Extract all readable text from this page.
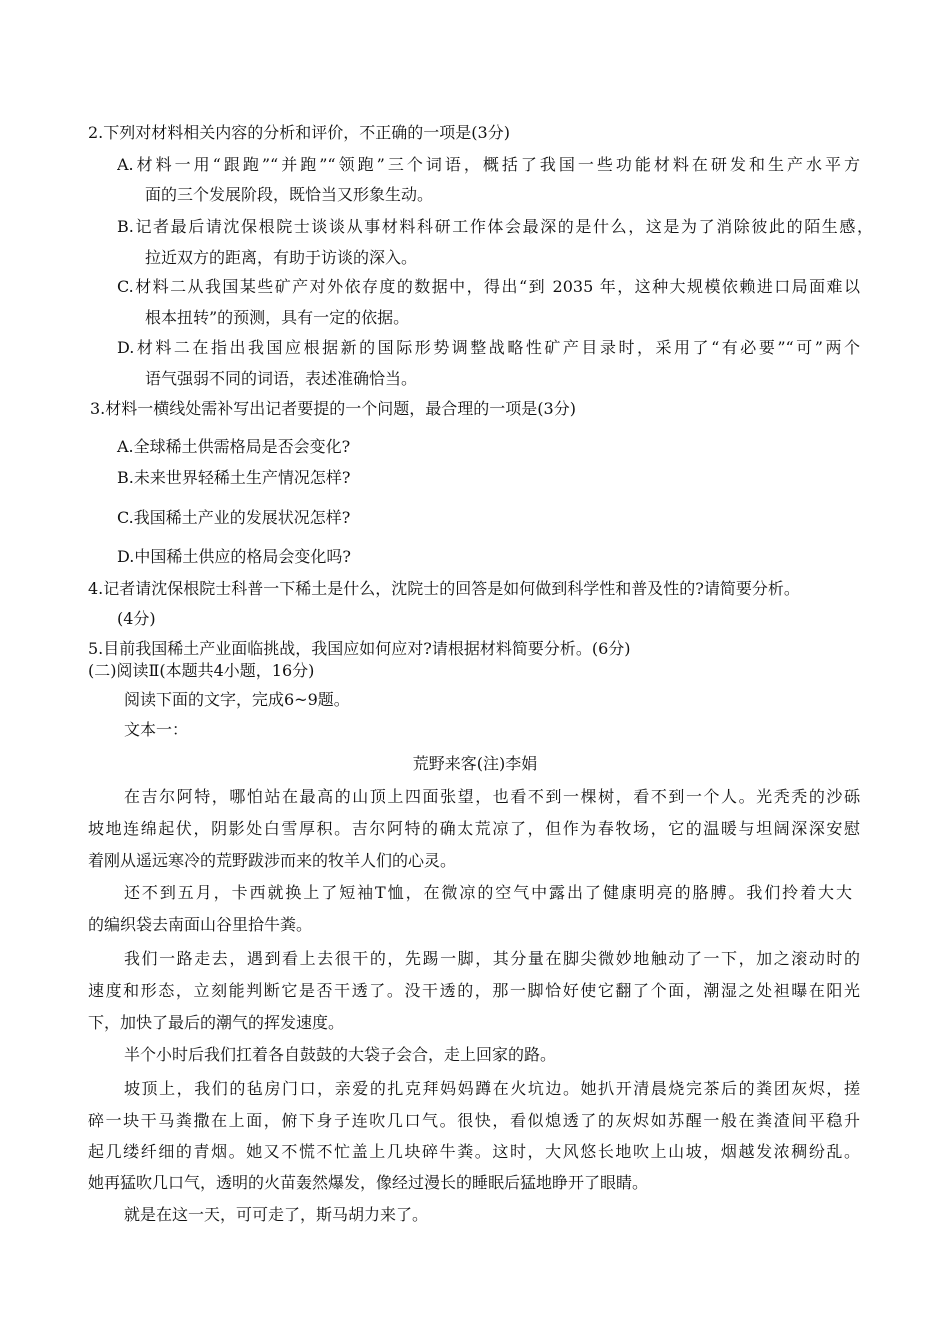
2.下列对材料相关内容的分析和评价，不正确的一项是(3分)
A.材料一用“跟跑”“并跑”“领跑”三个词语，概括了我国一些功能材料在研发和生产水平方
面的三个发展阶段，既恰当又形象生动。
B.记者最后请沈保根院士谈谈从事材料科研工作体会最深的是什么，这是为了消除彼此的陌生感，
拉近双方的距离，有助于访谈的深入。
C.材料二从我国某些矿产对外依存度的数据中，得出“到 2035 年，这种大规模依赖进口局面难以
根本扭转”的预测，具有一定的依据。
D.材料二在指出我国应根据新的国际形势调整战略性矿产目录时，采用了“有必要”“可”两个
语气强弱不同的词语，表述准确恰当。
3.材料一横线处需补写出记者要提的一个问题，最合理的一项是(3分)
A.全球稀土供需格局是否会变化?
B.未来世界轻稀土生产情况怎样?
C.我国稀土产业的发展状况怎样?
D.中国稀土供应的格局会变化吗?
4.记者请沈保根院士科普一下稀土是什么，沈院士的回答是如何做到科学性和普及性的?请简要分析。
(4分)
5.目前我国稀土产业面临挑战，我国应如何应对?请根据材料简要分析。(6分)
(二)阅读Ⅱ(本题共4小题，16分)
阅读下面的文字，完成6~9题。
文本一：
荒野来客(注)李娟
在吉尔阿特，哪怕站在最高的山顶上四面张望，也看不到一棵树，看不到一个人。光秃秃的沙砾
坡地连绵起伏，阴影处白雪厚积。吉尔阿特的确太荒凉了，但作为春牧场，它的温暖与坦阔深深安慰
着刚从遥远寒冷的荒野跋涉而来的牧羊人们的心灵。
还不到五月，卡西就换上了短袖T恤，在微凉的空气中露出了健康明亮的胳膊。我们拎着大大
的编织袋去南面山谷里拾牛粪。
我们一路走去，遇到看上去很干的，先踢一脚，其分量在脚尖微妙地触动了一下，加之滚动时的
速度和形态，立刻能判断它是否干透了。没干透的，那一脚恰好使它翻了个面，潮湿之处袒曝在阳光
下，加快了最后的潮气的挥发速度。
半个小时后我们扛着各自鼓鼓的大袋子会合，走上回家的路。
坡顶上，我们的毡房门口，亲爱的扎克拜妈妈蹲在火坑边。她扒开清晨烧完茶后的粪团灰烬，搓
碎一块干马粪撒在上面，俯下身子连吹几口气。很快，看似熄透了的灰烬如苏醒一般在粪渣间平稳升
起几缕纤细的青烟。她又不慌不忙盖上几块碎牛粪。这时，大风悠长地吹上山坡，烟越发浓稠纷乱。
她再猛吹几口气，透明的火苗轰然爆发，像经过漫长的睡眠后猛地睁开了眼睛。
就是在这一天，可可走了，斯马胡力来了。
